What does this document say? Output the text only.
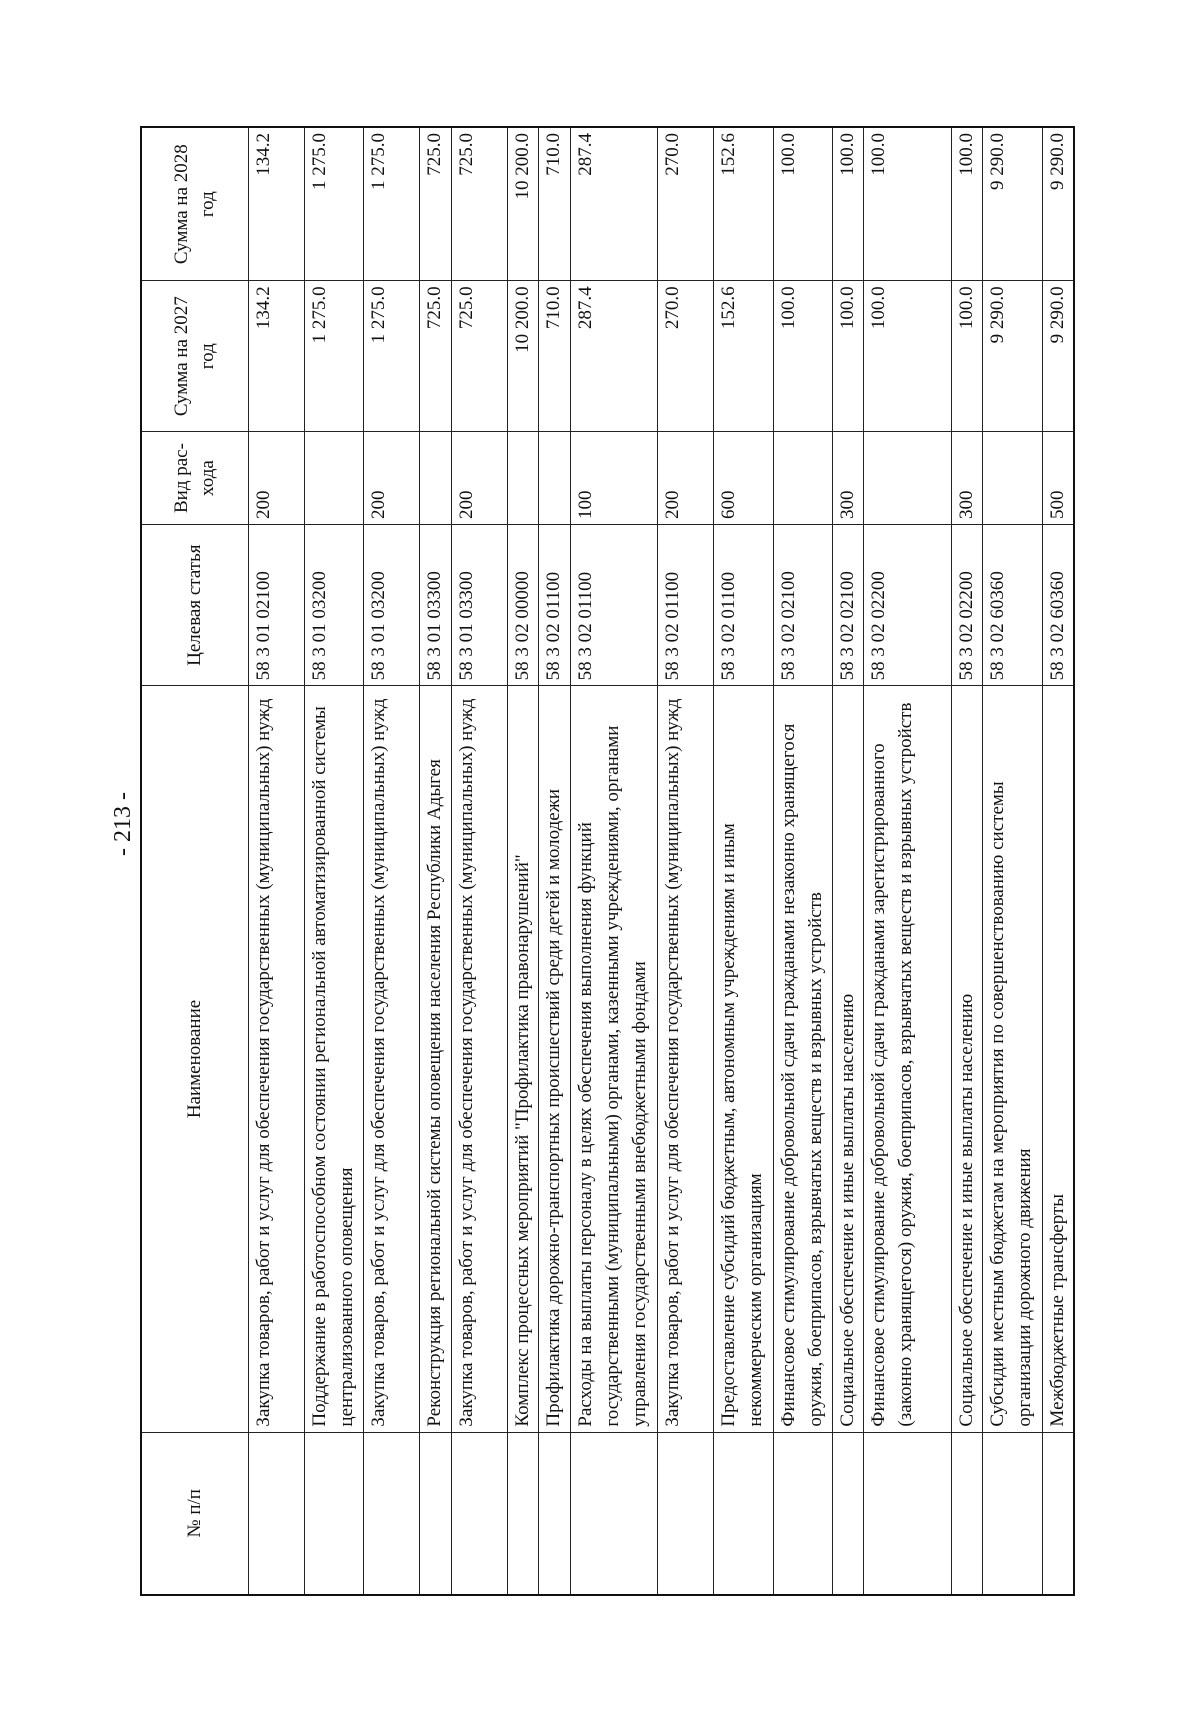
- 213 -
№ п/п	Наименование	Целевая статья	Вид рас- хода	Сумма на 2027 год	Сумма на 2028 год
	Закупка товаров, работ и услуг для обеспечения государственных (муниципальных) нужд	58 3 01 02100	200	134.2	134.2
	Поддержание в работоспособном состоянии региональной автоматизированной системы централизованного оповещения	58 3 01 03200		1 275.0	1 275.0
	Закупка товаров, работ и услуг для обеспечения государственных (муниципальных) нужд	58 3 01 03200	200	1 275.0	1 275.0
	Реконструкция региональной системы оповещения населения Республики Адыгея	58 3 01 03300		725.0	725.0
	Закупка товаров, работ и услуг для обеспечения государственных (муниципальных) нужд	58 3 01 03300	200	725.0	725.0
	Комплекс процессных мероприятий "Профилактика правонарушений"	58 3 02 00000		10 200.0	10 200.0
	Профилактика дорожно-транспортных происшествий среди детей и молодежи	58 3 02 01100		710.0	710.0
	Расходы на выплаты персоналу в целях обеспечения выполнения функций государственными (муниципальными) органами, казенными учреждениями, органами управления государственными внебюджетными фондами	58 3 02 01100	100	287.4	287.4
	Закупка товаров, работ и услуг для обеспечения государственных (муниципальных) нужд	58 3 02 01100	200	270.0	270.0
	Предоставление субсидий бюджетным, автономным учреждениям и иным некоммерческим организациям	58 3 02 01100	600	152.6	152.6
	Финансовое стимулирование добровольной сдачи гражданами незаконно хранящегося оружия, боеприпасов, взрывчатых веществ и взрывных устройств	58 3 02 02100		100.0	100.0
	Социальное обеспечение и иные выплаты населению	58 3 02 02100	300	100.0	100.0
	Финансовое стимулирование добровольной сдачи гражданами зарегистрированного (законно хранящегося) оружия, боеприпасов, взрывчатых веществ и взрывных устройств	58 3 02 02200		100.0	100.0
	Социальное обеспечение и иные выплаты населению	58 3 02 02200	300	100.0	100.0
	Субсидии местным бюджетам на мероприятия по совершенствованию системы организации дорожного движения	58 3 02 60360		9 290.0	9 290.0
	Межбюджетные трансферты	58 3 02 60360	500	9 290.0	9 290.0
